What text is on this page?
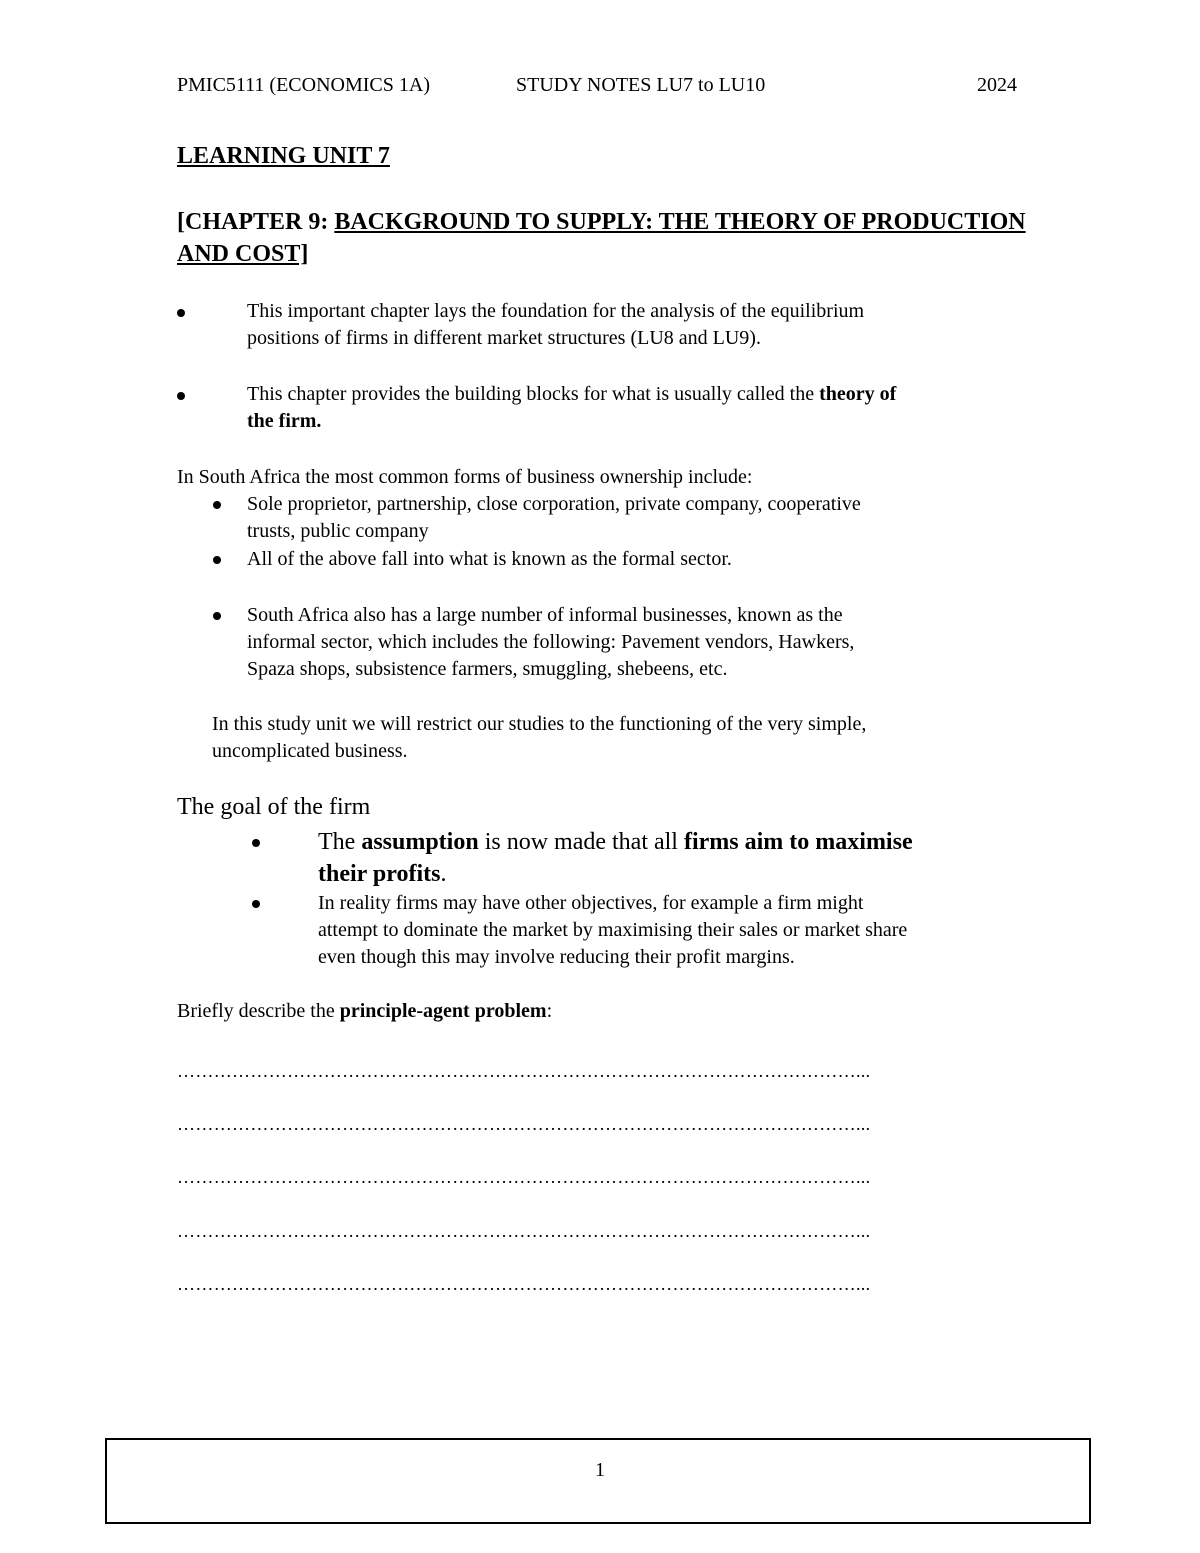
PMIC5111 (ECONOMICS 1A)	STUDY NOTES LU7 to LU10	2024
LEARNING UNIT 7
[CHAPTER 9: BACKGROUND TO SUPPLY: THE THEORY OF PRODUCTION AND COST]
This important chapter lays the foundation for the analysis of the equilibrium
positions of firms in different market structures (LU8 and LU9).
This chapter provides the building blocks for what is usually called the theory of
the firm.
In South Africa the most common forms of business ownership include:
Sole proprietor, partnership, close corporation, private company, cooperative
trusts, public company
All of the above fall into what is known as the formal sector.
South Africa also has a large number of informal businesses, known as the
informal sector, which includes the following: Pavement vendors, Hawkers,
Spaza shops, subsistence farmers, smuggling, shebeens, etc.
In this study unit we will restrict our studies to the functioning of the very simple,
uncomplicated business.
The goal of the firm
The assumption is now made that all firms aim to maximise
their profits.
In reality firms may have other objectives, for example a firm might
attempt to dominate the market by maximising their sales or market share
even though this may involve reducing their profit margins.
Briefly describe the principle-agent problem:
…………………………………………………………………………………………………...
…………………………………………………………………………………………………...
…………………………………………………………………………………………………...
…………………………………………………………………………………………………...
…………………………………………………………………………………………………...
1
